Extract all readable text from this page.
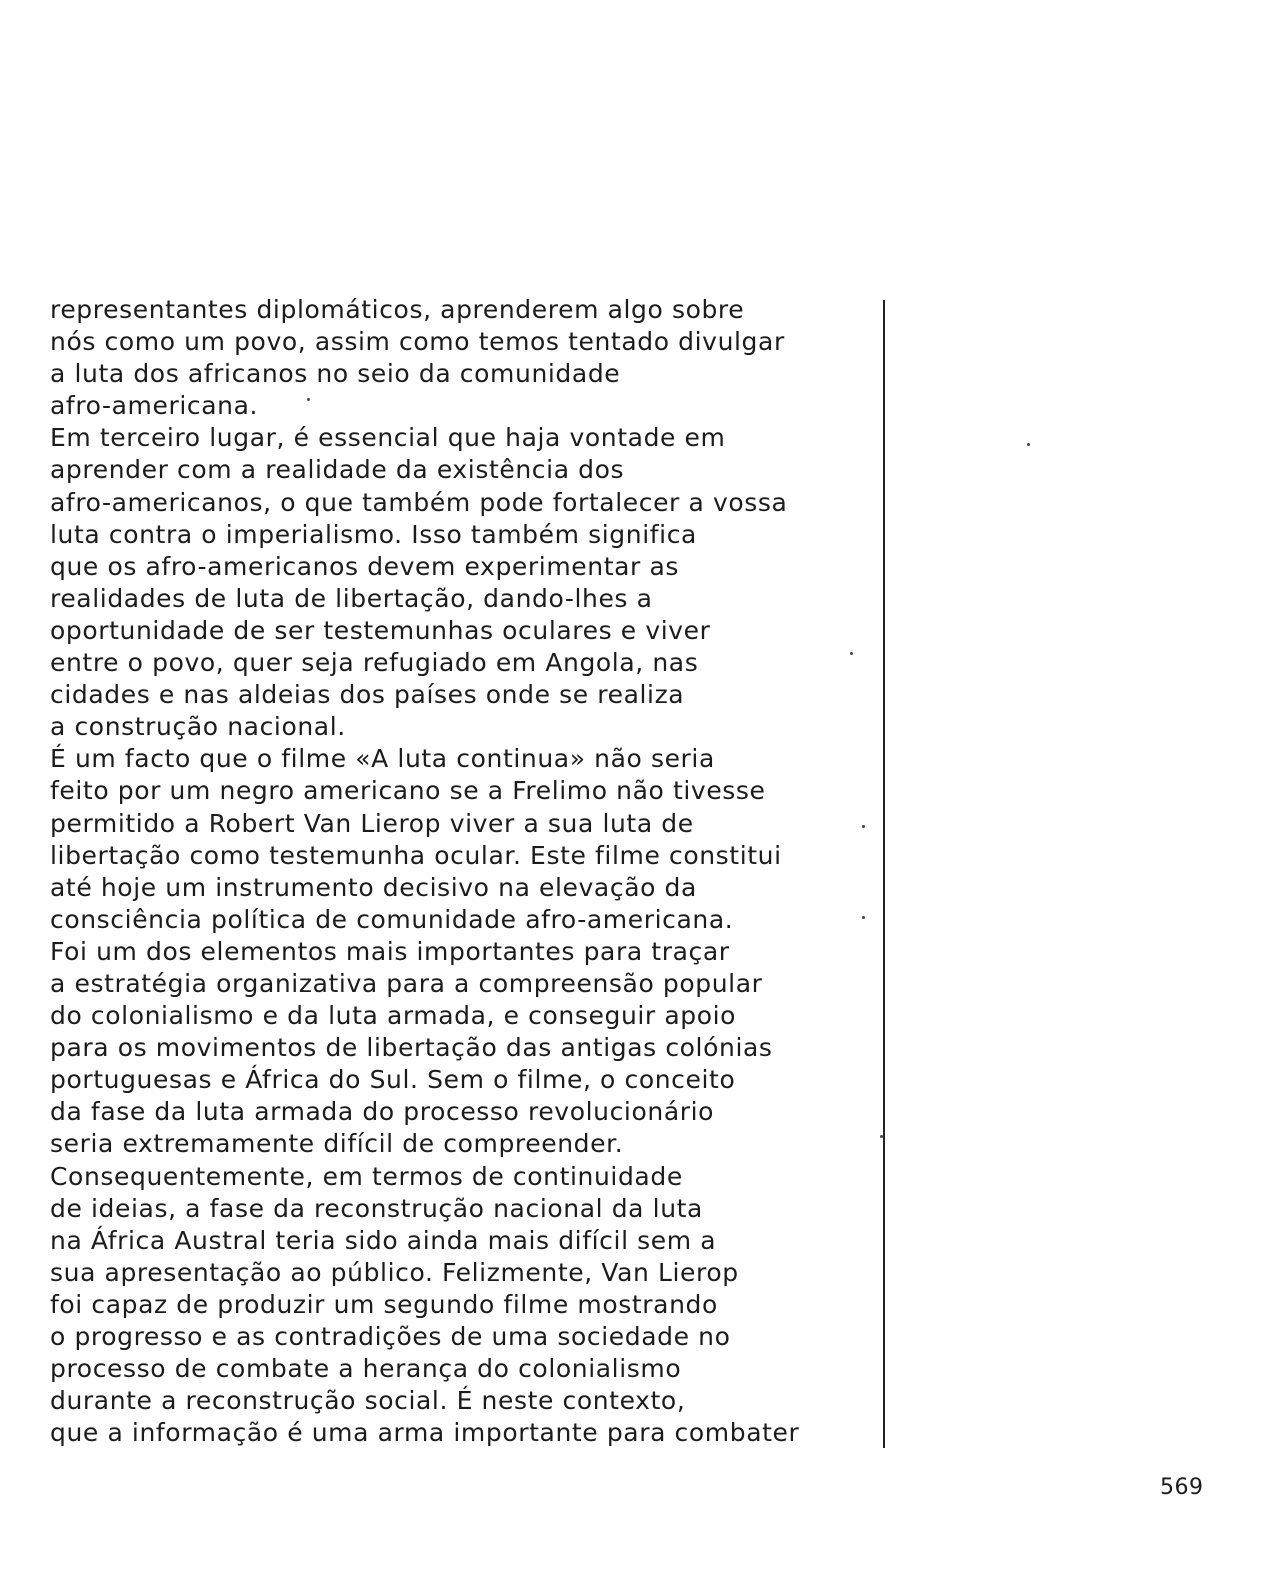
representantes diplomáticos, aprenderem algo sobre
nós como um povo, assim como temos tentado divulgar
a luta dos africanos no seio da comunidade
afro-americana.
Em terceiro lugar, é essencial que haja vontade em
aprender com a realidade da existência dos
afro-americanos, o que também pode fortalecer a vossa
luta contra o imperialismo. Isso também significa
que os afro-americanos devem experimentar as
realidades de luta de libertação, dando-lhes a
oportunidade de ser testemunhas oculares e viver
entre o povo, quer seja refugiado em Angola, nas
cidades e nas aldeias dos países onde se realiza
a construção nacional.
É um facto que o filme «A luta continua» não seria
feito por um negro americano se a Frelimo não tivesse
permitido a Robert Van Lierop viver a sua luta de
libertação como testemunha ocular. Este filme constitui
até hoje um instrumento decisivo na elevação da
consciência política de comunidade afro-americana.
Foi um dos elementos mais importantes para traçar
a estratégia organizativa para a compreensão popular
do colonialismo e da luta armada, e conseguir apoio
para os movimentos de libertação das antigas colónias
portuguesas e África do Sul. Sem o filme, o conceito
da fase da luta armada do processo revolucionário
seria extremamente difícil de compreender.
Consequentemente, em termos de continuidade
de ideias, a fase da reconstrução nacional da luta
na África Austral teria sido ainda mais difícil sem a
sua apresentação ao público. Felizmente, Van Lierop
foi capaz de produzir um segundo filme mostrando
o progresso e as contradições de uma sociedade no
processo de combate a herança do colonialismo
durante a reconstrução social. É neste contexto,
que a informação é uma arma importante para combater
569
